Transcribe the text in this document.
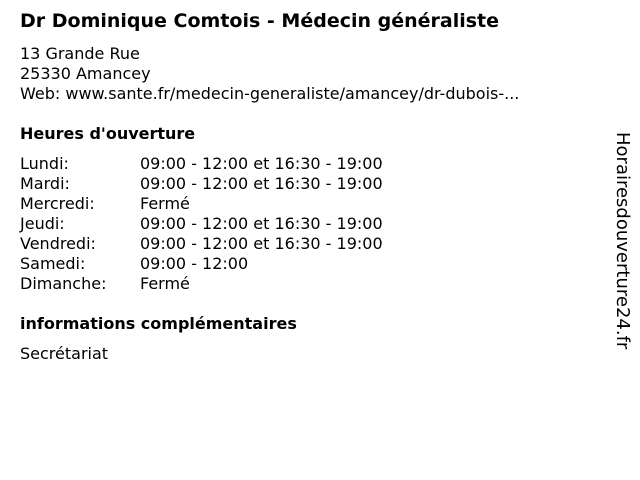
Dr Dominique Comtois - Médecin généraliste
13 Grande Rue
25330 Amancey
Web: www.sante.fr/medecin-generaliste/amancey/dr-dubois-...
Heures d'ouverture
Lundi:	09:00 - 12:00 et 16:30 - 19:00
Mardi:	09:00 - 12:00 et 16:30 - 19:00
Mercredi:	Fermé
Jeudi:	09:00 - 12:00 et 16:30 - 19:00
Vendredi:	09:00 - 12:00 et 16:30 - 19:00
Samedi:	09:00 - 12:00
Dimanche: Fermé
informations complémentaires
Secrétariat
Horairesdouverture24.fr
